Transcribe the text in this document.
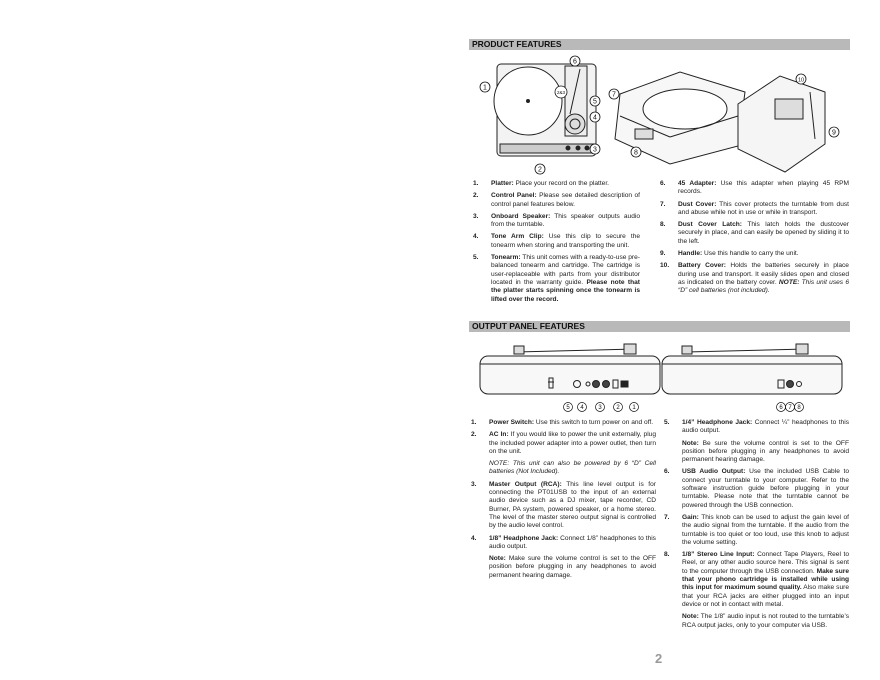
PRODUCT FEATURES
1
2
3
4
5
6
7
8
9
10
2&3
1.	Platter: Place your record on the platter.
2.	Control Panel: Please see detailed description of control panel features below.
3.	Onboard Speaker: This speaker outputs audio from the turntable.
4.	Tone Arm Clip: Use this clip to secure the tonearm when storing and transporting the unit.
5.	Tonearm: This unit comes with a ready-to-use pre-balanced tonearm and cartridge. The cartridge is user-replaceable with parts from your distributor located in the warranty guide. Please note that the platter starts spinning once the tonearm is lifted over the record.
6.	45 Adapter: Use this adapter when playing 45 RPM records.
7.	Dust Cover: This cover protects the turntable from dust and abuse while not in use or while in transport.
8.	Dust Cover Latch: This latch holds the dustcover securely in place, and can easily be opened by sliding it to the left.
9.	Handle: Use this handle to carry the unit.
10.	Battery Cover: Holds the batteries securely in place during use and transport. It easily slides open and closed as indicated on the battery cover. NOTE: This unit uses 6 “D” cell batteries (not included).
OUTPUT PANEL FEATURES
5 4 3 2 1	6 7 8
1.	Power Switch: Use this switch to turn power on and off.
2.	AC In: If you would like to power the unit externally, plug the included power adapter into a power outlet, then turn on the unit.
NOTE: This unit can also be powered by 6 “D” Cell batteries (Not Included).
3.	Master Output (RCA): This line level output is for connecting the PT01USB to the input of an external audio device such as a DJ mixer, tape recorder, CD Burner, PA system, powered speaker, or a home stereo. The level of the master stereo output signal is controlled by the audio level control.
4.	1/8” Headphone Jack: Connect 1/8” headphones to this audio output.
Note: Make sure the volume control is set to the OFF position before plugging in any headphones to avoid permanent hearing damage.
5.	1/4” Headphone Jack: Connect ¼” headphones to this audio output.
Note: Be sure the volume control is set to the OFF position before plugging in any headphones to avoid permanent hearing damage.
6.	USB Audio Output: Use the included USB Cable to connect your turntable to your computer. Refer to the software instruction guide before plugging in your turntable. Please note that the turntable cannot be powered through the USB connection.
7.	Gain: This knob can be used to adjust the gain level of the audio signal from the turntable. If the audio from the turntable is too quiet or too loud, use this knob to adjust the volume setting.
8.	1/8” Stereo Line Input: Connect Tape Players, Reel to Reel, or any other audio source here. This signal is sent to the computer through the USB connection. Make sure that your phono cartridge is installed while using this input for maximum sound quality. Also make sure that your RCA jacks are either plugged into an input device or not in contact with metal.
Note: The 1/8” audio input is not routed to the turntable’s RCA output jacks, only to your computer via USB.
2
